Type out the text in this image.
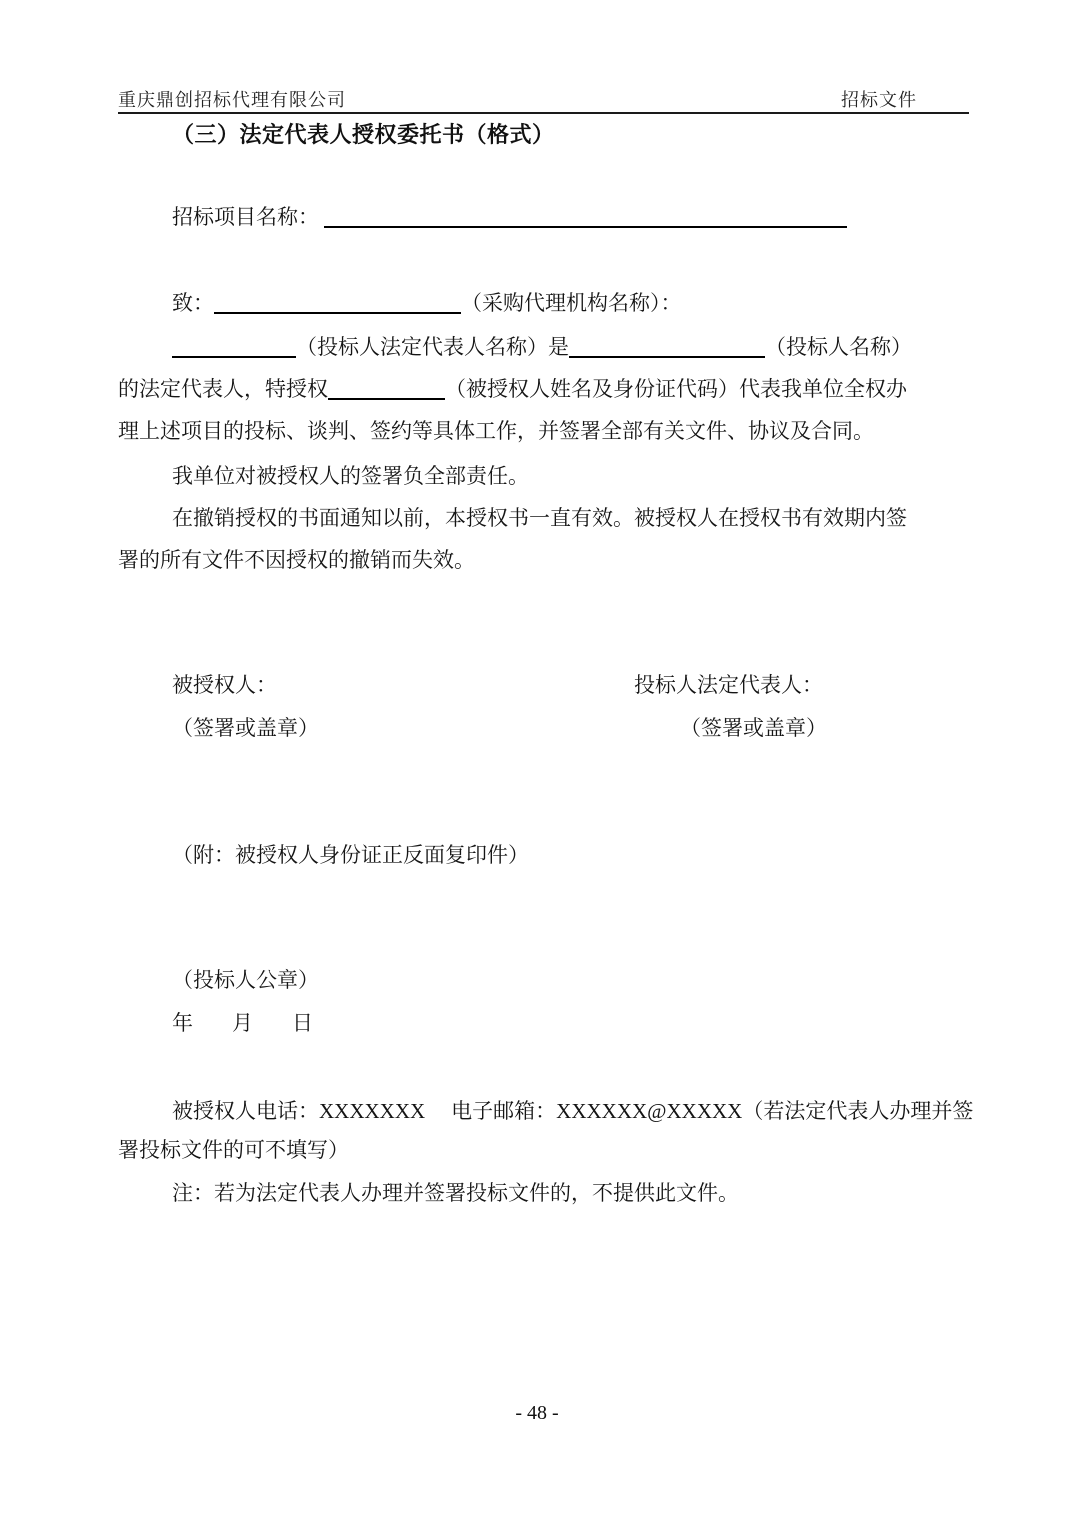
重庆鼎创招标代理有限公司	招标文件
（三）法定代表人授权委托书（格式）
招标项目名称：
致：	（采购代理机构名称）：
（投标人法定代表人名称）是	（投标人名称）
的法定代表人，特授权	（被授权人姓名及身份证代码）代表我单位全权办
理上述项目的投标、谈判、签约等具体工作，并签署全部有关文件、协议及合同。
我单位对被授权人的签署负全部责任。
在撤销授权的书面通知以前，本授权书一直有效。被授权人在授权书有效期内签
署的所有文件不因授权的撤销而失效。
被授权人：	投标人法定代表人：
（签署或盖章）	（签署或盖章）
（附：被授权人身份证正反面复印件）
（投标人公章）
年 月 日
被授权人电话：XXXXXXX 电子邮箱：XXXXXX@XXXXX（若法定代表人办理并签
署投标文件的可不填写）
注：若为法定代表人办理并签署投标文件的，不提供此文件。
- 48 -
